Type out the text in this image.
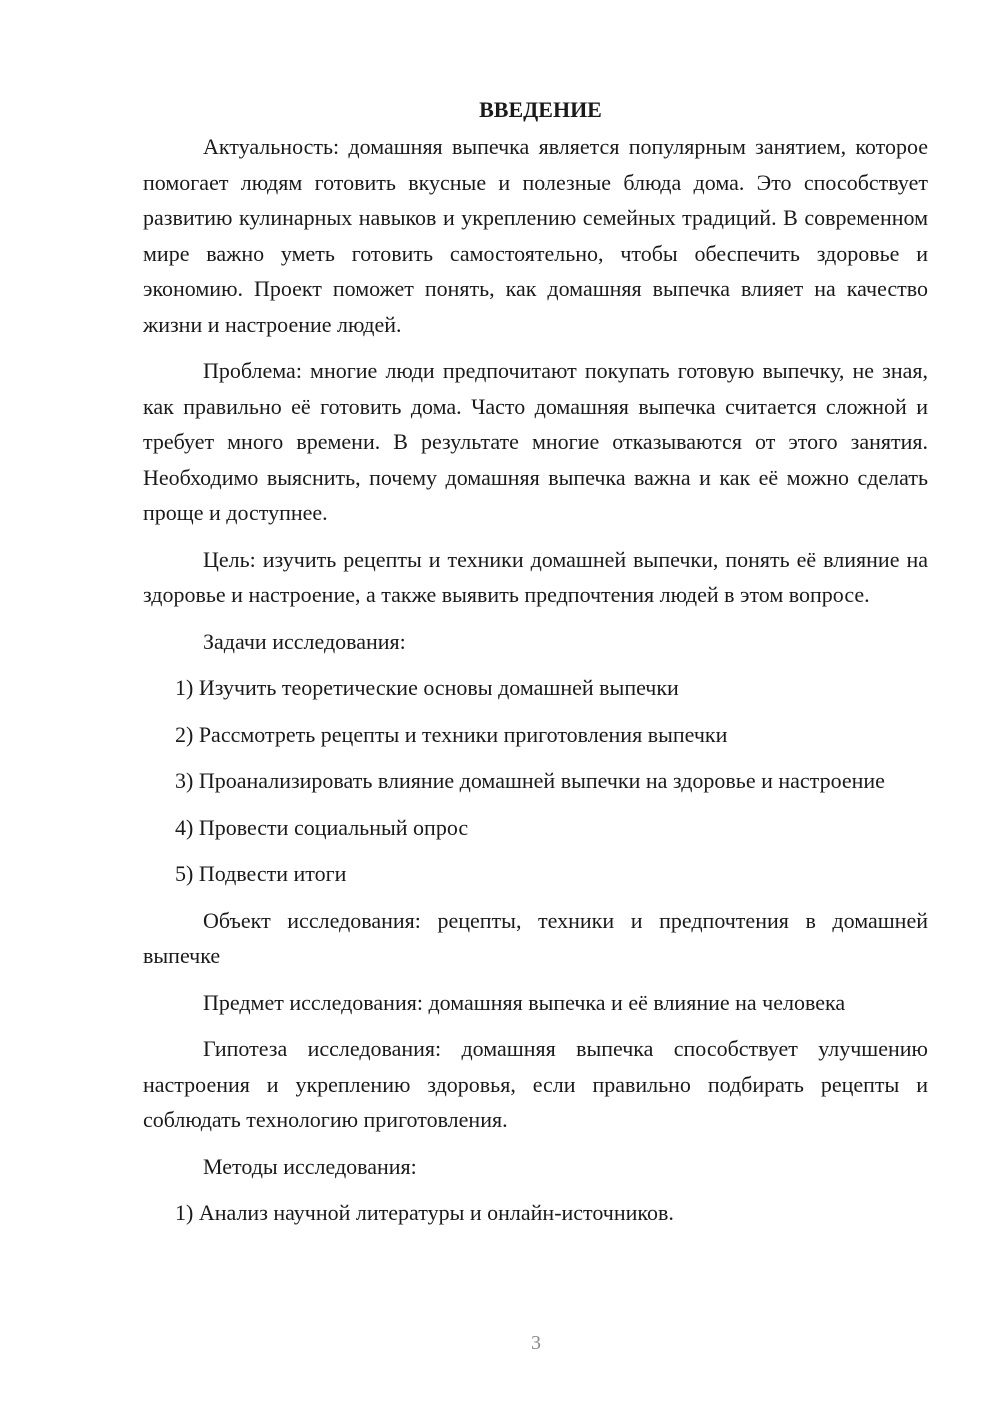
ВВЕДЕНИЕ

Актуальность: домашняя выпечка является популярным занятием, которое помогает людям готовить вкусные и полезные блюда дома. Это способствует развитию кулинарных навыков и укреплению семейных традиций. В современном мире важно уметь готовить самостоятельно, чтобы обеспечить здоровье и экономию. Проект поможет понять, как домашняя выпечка влияет на качество жизни и настроение людей.

Проблема: многие люди предпочитают покупать готовую выпечку, не зная, как правильно её готовить дома. Часто домашняя выпечка считается сложной и требует много времени. В результате многие отказываются от этого занятия. Необходимо выяснить, почему домашняя выпечка важна и как её можно сделать проще и доступнее.

Цель: изучить рецепты и техники домашней выпечки, понять её влияние на здоровье и настроение, а также выявить предпочтения людей в этом вопросе.

Задачи исследования:

1) Изучить теоретические основы домашней выпечки

2) Рассмотреть рецепты и техники приготовления выпечки

3) Проанализировать влияние домашней выпечки на здоровье и настроение

4) Провести социальный опрос

5) Подвести итоги

Объект исследования: рецепты, техники и предпочтения в домашней выпечке

Предмет исследования: домашняя выпечка и её влияние на человека

Гипотеза исследования: домашняя выпечка способствует улучшению настроения и укреплению здоровья, если правильно подбирать рецепты и соблюдать технологию приготовления.

Методы исследования:

1) Анализ научной литературы и онлайн-источников.

3
